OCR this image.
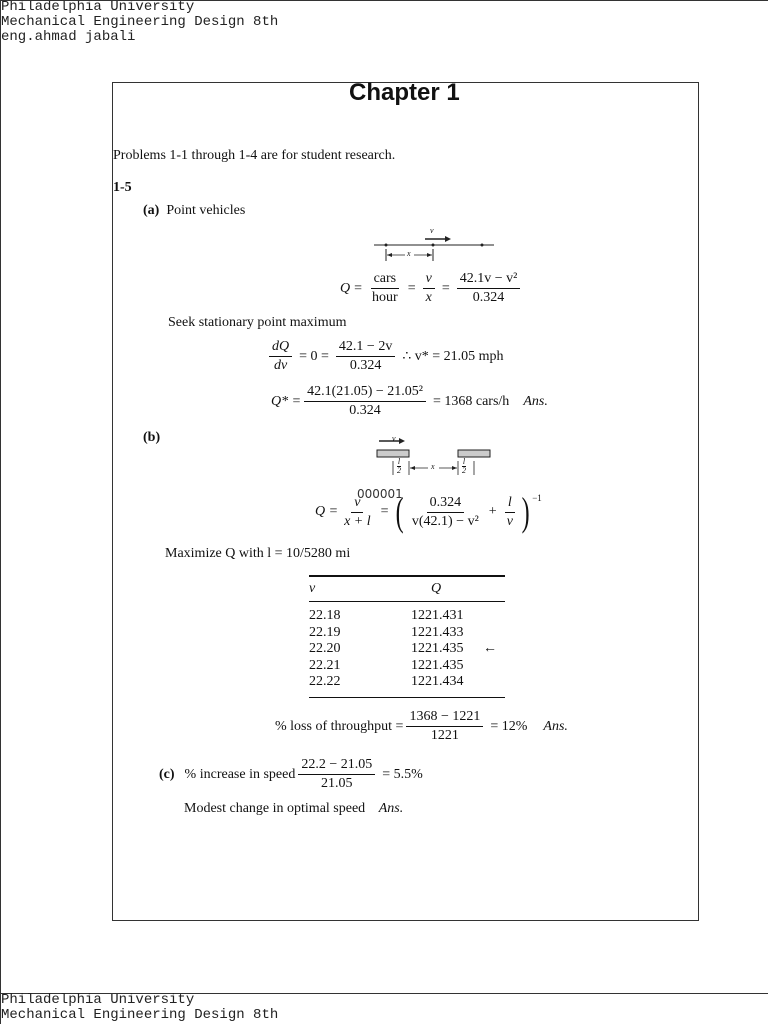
Philadelphia University
Mechanical Engineering Design 8th
eng.ahmad jabali
Chapter 1
Problems 1-1 through 1-4 are for student research.
1-5
(a) Point vehicles
v
x
$Q = \frac{\text{cars}}{\text{hour}} = \frac{v}{x} = \frac{\text{42.1v − v²}}{0.324}$
Seek stationary point maximum
$\frac{dQ}{dv} = 0 = \frac{42.1 - 2v}{0.324}$ ∴ v* = 21.05 mph
$Q* = \frac{\text{42.1(21.05) − 21.05²}}{0.324} = 1368$ cars/h Ans.
(b)	v
x
$\frac{l}{2}$	$\frac{l}{2}$
000001
$Q = \frac{v}{x + l}$ = ( $\frac{0.324}{\text{v(42.1) − v²}} + \frac{l}{v}$ ) $^{-1}$
Maximize Q with l = 10/5280 mi
v	Q
22.18	1221.431
22.19	1221.433
22.20	1221.435	←
22.21	1221.435
22.22	1221.434
% loss of throughput = $\frac{1368 - 1221}{1221} = 12\%$ Ans.
(c) % increase in speed $\frac{22.2 - 21.05}{21.05} = 5.5\%$
Modest change in optimal speed Ans.
Philadelphia University
Mechanical Engineering Design 8th
